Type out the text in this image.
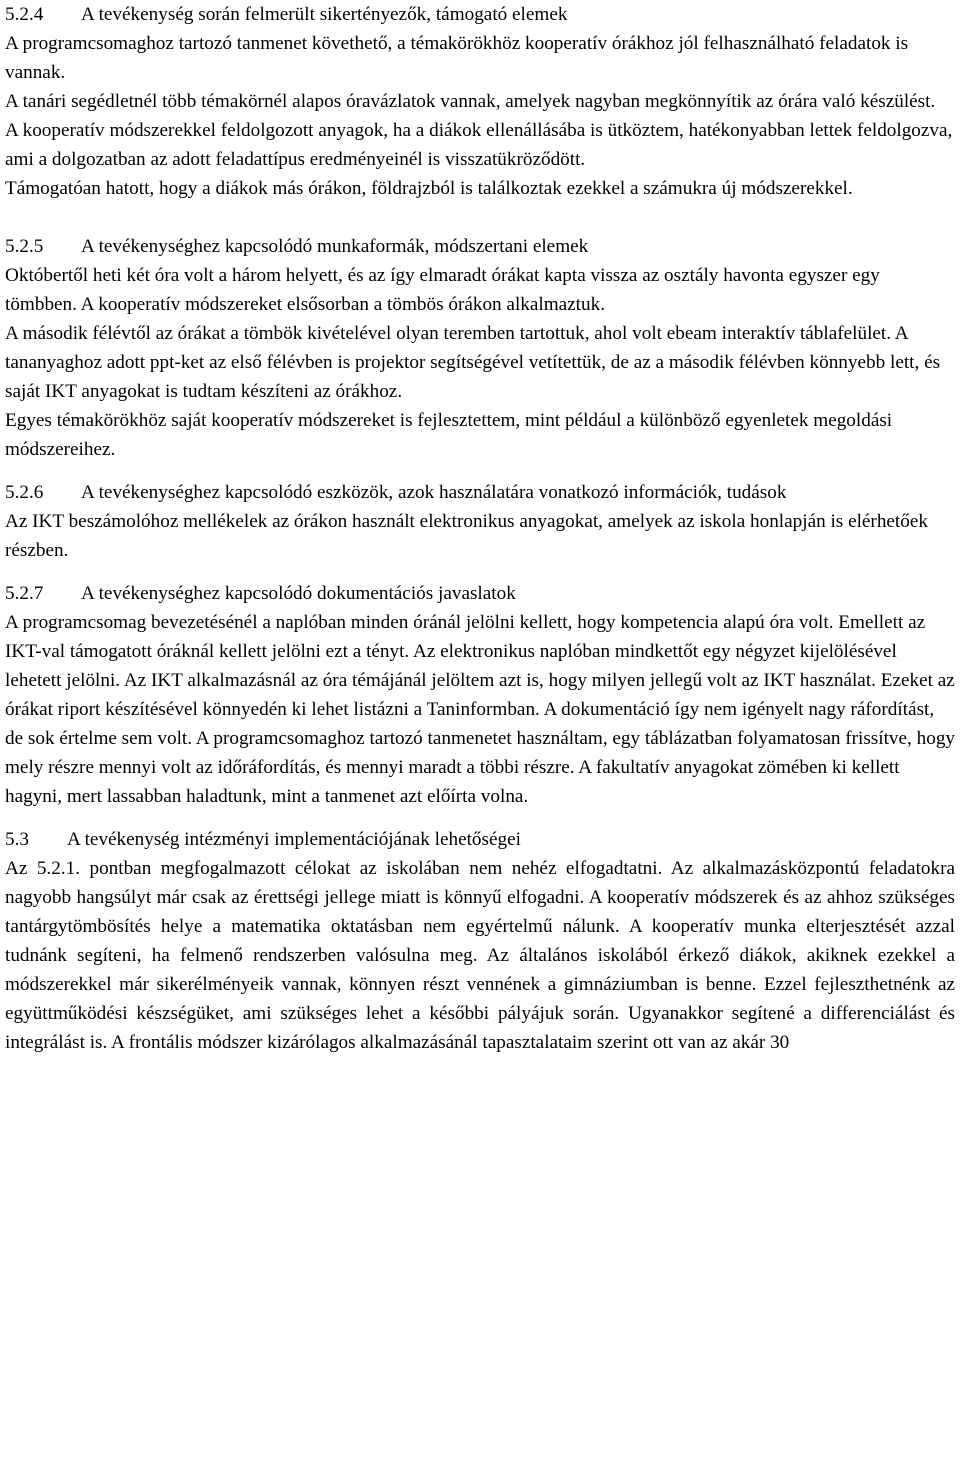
5.2.4	A tevékenység során felmerült sikertényezők, támogató elemek

A programcsomaghoz tartozó tanmenet követhető, a témakörökhöz kooperatív órákhoz jól felhasználható feladatok is vannak.

A tanári segédletnél több témakörnél alapos óravázlatok vannak, amelyek nagyban megkönnyítik az órára való készülést.

A kooperatív módszerekkel feldolgozott anyagok, ha a diákok ellenállásába is ütköztem, hatékonyabban lettek feldolgozva, ami a dolgozatban az adott feladattípus eredményeinél is visszatükröződött.

Támogatóan hatott, hogy a diákok más órákon, földrajzból is találkoztak ezekkel a számukra új módszerekkel.

5.2.5	A tevékenységhez kapcsolódó munkaformák, módszertani elemek

Októbertől heti két óra volt a három helyett, és az így elmaradt órákat kapta vissza az osztály havonta egyszer egy tömbben. A kooperatív módszereket elsősorban a tömbös órákon alkalmaztuk.

A második félévtől az órákat a tömbök kivételével olyan teremben tartottuk, ahol volt ebeam interaktív táblafelület. A tananyaghoz adott ppt-ket az első félévben is projektor segítségével vetítettük, de az a második félévben könnyebb lett, és saját IKT anyagokat is tudtam készíteni az órákhoz.

Egyes témakörökhöz saját kooperatív módszereket is fejlesztettem, mint például a különböző egyenletek megoldási módszereihez.

5.2.6	A tevékenységhez kapcsolódó eszközök, azok használatára vonatkozó információk, tudások

Az IKT beszámolóhoz mellékelek az órákon használt elektronikus anyagokat, amelyek az iskola honlapján is elérhetőek részben.

5.2.7	A tevékenységhez kapcsolódó dokumentációs javaslatok

A programcsomag bevezetésénél a naplóban minden óránál jelölni kellett, hogy kompetencia alapú óra volt. Emellett az IKT-val támogatott óráknál kellett jelölni ezt a tényt. Az elektronikus naplóban mindkettőt egy négyzet kijelölésével lehetett jelölni. Az IKT alkalmazásnál az óra témájánál jelöltem azt is, hogy milyen jellegű volt az IKT használat. Ezeket az órákat riport készítésével könnyedén ki lehet listázni a Taninformban. A dokumentáció így nem igényelt nagy ráfordítást, de sok értelme sem volt. A programcsomaghoz tartozó tanmenetet használtam, egy táblázatban folyamatosan frissítve, hogy mely részre mennyi volt az időráfordítás, és mennyi maradt a többi részre. A fakultatív anyagokat zömében ki kellett hagyni, mert lassabban haladtunk, mint a tanmenet azt előírta volna.

5.3	A tevékenység intézményi implementációjának lehetőségei

Az 5.2.1. pontban megfogalmazott célokat az iskolában nem nehéz elfogadtatni. Az alkalmazásközpontú feladatokra nagyobb hangsúlyt már csak az érettségi jellege miatt is könnyű elfogadni. A kooperatív módszerek és az ahhoz szükséges tantárgytömbösítés helye a matematika oktatásban nem egyértelmű nálunk. A kooperatív munka elterjesztését azzal tudnánk segíteni, ha felmenő rendszerben valósulna meg. Az általános iskolából érkező diákok, akiknek ezekkel a módszerekkel már sikerélményeik vannak, könnyen részt vennének a gimnáziumban is benne. Ezzel fejleszthetnénk az együttműködési készségüket, ami szükséges lehet a későbbi pályájuk során. Ugyanakkor segítené a differenciálást és integrálást is. A frontális módszer kizárólagos alkalmazásánál tapasztalataim szerint ott van az akár 30
